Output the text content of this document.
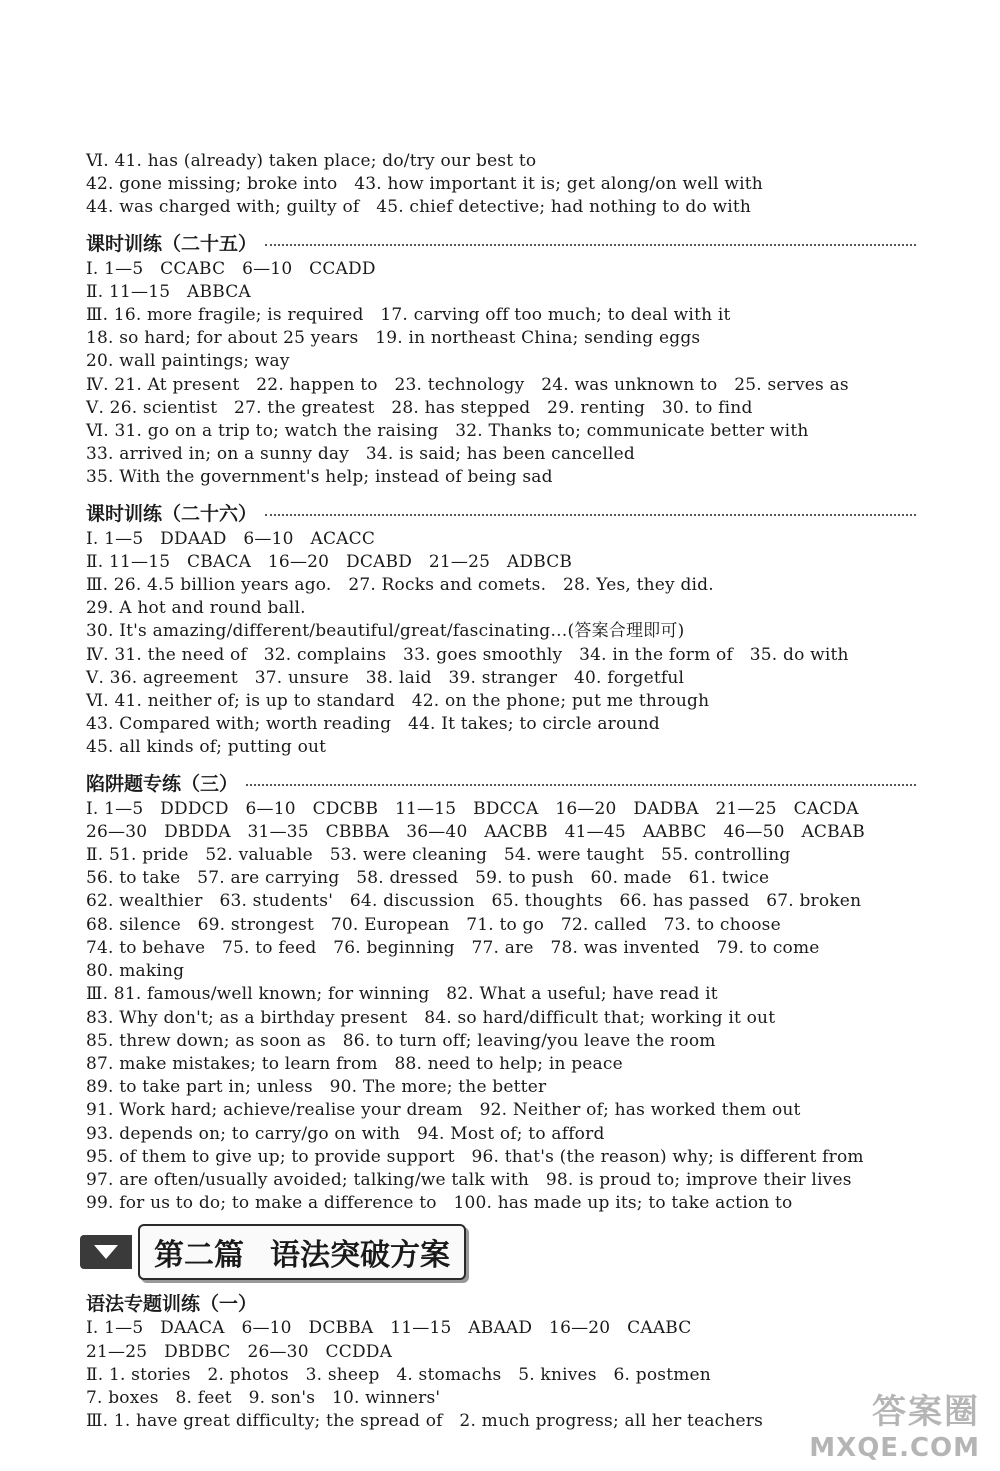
Ⅵ. 41. has (already) taken place; do/try our best to
42. gone missing; broke into   43. how important it is; get along/on well with
44. was charged with; guilty of   45. chief detective; had nothing to do with
课时训练（二十五）
Ⅰ. 1—5   CCABC   6—10   CCADD
Ⅱ. 11—15   ABBCA
Ⅲ. 16. more fragile; is required   17. carving off too much; to deal with it
18. so hard; for about 25 years   19. in northeast China; sending eggs
20. wall paintings; way
Ⅳ. 21. At present   22. happen to   23. technology   24. was unknown to   25. serves as
Ⅴ. 26. scientist   27. the greatest   28. has stepped   29. renting   30. to find
Ⅵ. 31. go on a trip to; watch the raising   32. Thanks to; communicate better with
33. arrived in; on a sunny day   34. is said; has been cancelled
35. With the government's help; instead of being sad
课时训练（二十六）
Ⅰ. 1—5   DDAAD   6—10   ACACC
Ⅱ. 11—15   CBACA   16—20   DCABD   21—25   ADBCB
Ⅲ. 26. 4.5 billion years ago.   27. Rocks and comets.   28. Yes, they did.
29. A hot and round ball.
30. It's amazing/different/beautiful/great/fascinating…(答案合理即可)
Ⅳ. 31. the need of   32. complains   33. goes smoothly   34. in the form of   35. do with
Ⅴ. 36. agreement   37. unsure   38. laid   39. stranger   40. forgetful
Ⅵ. 41. neither of; is up to standard   42. on the phone; put me through
43. Compared with; worth reading   44. It takes; to circle around
45. all kinds of; putting out
陷阱题专练（三）
Ⅰ. 1—5   DDDCD   6—10   CDCBB   11—15   BDCCA   16—20   DADBA   21—25   CACDA
26—30   DBDDA   31—35   CBBBA   36—40   AACBB   41—45   AABBC   46—50   ACBAB
Ⅱ. 51. pride   52. valuable   53. were cleaning   54. were taught   55. controlling
56. to take   57. are carrying   58. dressed   59. to push   60. made   61. twice
62. wealthier   63. students'   64. discussion   65. thoughts   66. has passed   67. broken
68. silence   69. strongest   70. European   71. to go   72. called   73. to choose
74. to behave   75. to feed   76. beginning   77. are   78. was invented   79. to come
80. making
Ⅲ. 81. famous/well known; for winning   82. What a useful; have read it
83. Why don't; as a birthday present   84. so hard/difficult that; working it out
85. threw down; as soon as   86. to turn off; leaving/you leave the room
87. make mistakes; to learn from   88. need to help; in peace
89. to take part in; unless   90. The more; the better
91. Work hard; achieve/realise your dream   92. Neither of; has worked them out
93. depends on; to carry/go on with   94. Most of; to afford
95. of them to give up; to provide support   96. that's (the reason) why; is different from
97. are often/usually avoided; talking/we talk with   98. is proud to; improve their lives
99. for us to do; to make a difference to   100. has made up its; to take action to
第二篇 语法突破方案
语法专题训练（一）
Ⅰ. 1—5   DAACA   6—10   DCBBA   11—15   ABAAD   16—20   CAABC
21—25   DBDBC   26—30   CCDDA
Ⅱ. 1. stories   2. photos   3. sheep   4. stomachs   5. knives   6. postmen
7. boxes   8. feet   9. son's   10. winners'
Ⅲ. 1. have great difficulty; the spread of   2. much progress; all her teachers	答案圈
MXQE.COM
